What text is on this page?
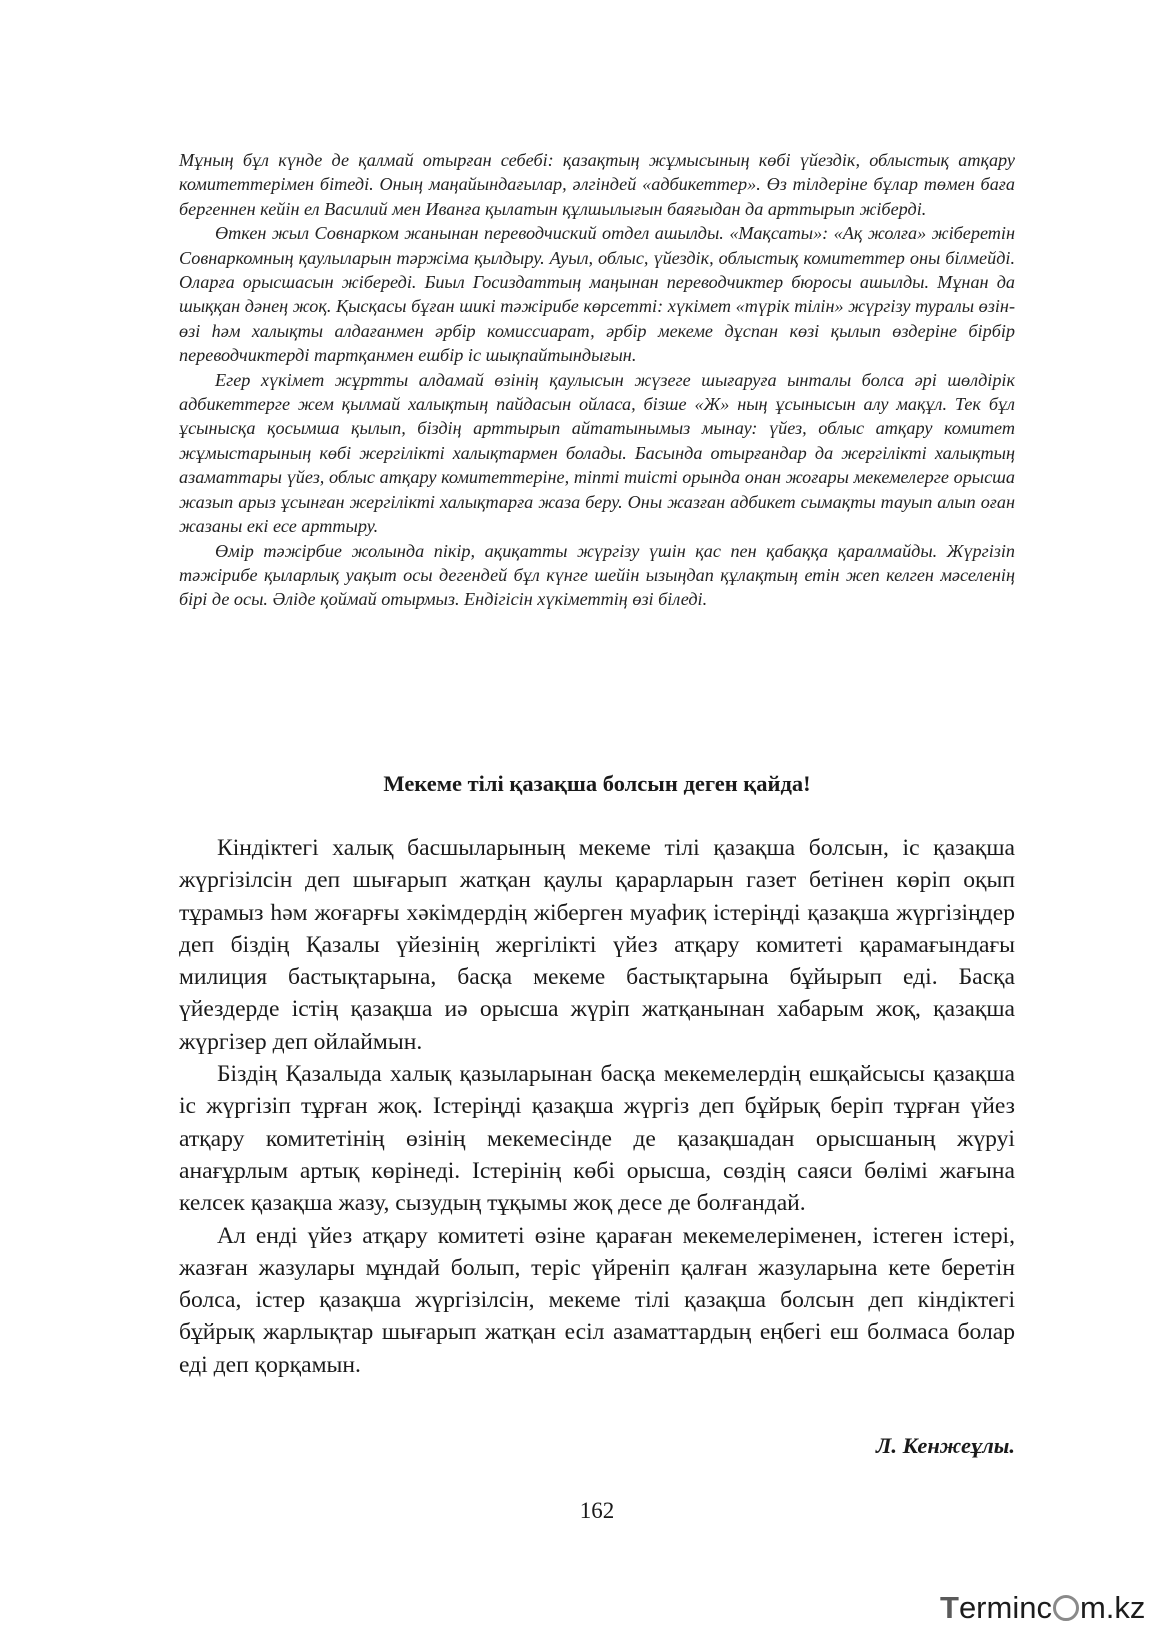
Мұның бұл күнде де қалмай отырған себебі: қазақтың жұмысының көбі үйездік, облыстық атқару комитеттерімен бітеді. Оның маңайындағылар, әлгіндей «адбикеттер». Өз тілдеріне бұлар төмен баға бергеннен кейін ел Василий мен Иванға қылатын құлшылығын баяғыдан да арттырып жіберді.

Өткен жыл Совнарком жанынан переводчиский отдел ашылды. «Мақсаты»: «Ақ жолға» жіберетін Совнаркомның қаулыларын тәржіма қылдыру. Ауыл, облыс, үйездік, облыстық комитеттер оны білмейді. Оларға орысшасын жібереді. Биыл Госиздаттың маңынан переводчиктер бюросы ашылды. Мұнан да шыққан дәнең жоқ. Қысқасы бұған шикі тәжірибе көрсетті: хүкімет «түрік тілін» жүргізу туралы өзін-өзі һәм халықты алдағанмен әрбір комиссиарат, әрбір мекеме дұспан көзі қылып өздеріне бірбір переводчиктерді тартқанмен ешбір іс шықпайтындығын.

Егер хүкімет жұртты алдамай өзінің қаулысын жүзеге шығаруға ынталы болса әрі шөлдірік адбикеттерге жем қылмай халықтың пайдасын ойласа, бізше «Ж» ның ұсынысын алу мақұл. Тек бұл ұсынысқа қосымша қылып, біздің арттырып айтатынымыз мынау: үйез, облыс атқару комитет жұмыстарының көбі жергілікті халықтармен болады. Басында отырғандар да жергілікті халықтың азаматтары үйез, облыс атқару комитеттеріне, тіпті тиісті орында онан жоғары мекемелерге орысша жазып арыз ұсынған жергілікті халықтарға жаза беру. Оны жазған адбикет сымақты тауып алып оған жазаны екі есе арттыру.

Өмір тәжірбие жолында пікір, ақиқатты жүргізу үшін қас пен қабаққа қаралмайды. Жүргізіп тәжірибе қыларлық уақыт осы дегендей бұл күнге шейін ызыңдап құлақтың етін жеп келген мәселенің бірі де осы. Әліде қоймай отырмыз. Ендігісін хүкіметтің өзі біледі.

Мекеме тілі қазақша болсын деген қайда!

Кіндіктегі халық басшыларының мекеме тілі қазақша болсын, іс қазақша жүргізілсін деп шығарып жатқан қаулы қарарларын газет бетінен көріп оқып тұрамыз һәм жоғарғы хәкімдердің жіберген муафиқ істеріңді қазақша жүргізіңдер деп біздің Қазалы үйезінің жергілікті үйез атқару комитеті қарамағындағы милиция бастықтарына, басқа мекеме бастықтарына бұйырып еді. Басқа үйездерде істің қазақша иә орысша жүріп жатқанынан хабарым жоқ, қазақша жүргізер деп ойлаймын.

Біздің Қазалыда халық қазыларынан басқа мекемелердің ешқайсысы қазақша іс жүргізіп тұрған жоқ. Істеріңді қазақша жүргіз деп бұйрық беріп тұрған үйез атқару комитетінің өзінің мекемесінде де қазақшадан орысшаның жүруі анағұрлым артық көрінеді. Істерінің көбі орысша, сөздің саяси бөлімі жағына келсек қазақша жазу, сызудың тұқымы жоқ десе де болғандай.

Ал енді үйез атқару комитеті өзіне қараған мекемелеріменен, істеген істері, жазған жазулары мұндай болып, теріс үйреніп қалған жазуларына кете беретін болса, істер қазақша жүргізілсін, мекеме тілі қазақша болсын деп кіндіктегі бұйрық жарлықтар шығарып жатқан есіл азаматтардың еңбегі еш болмаса болар еді деп қорқамын.

Л. Кенжеұлы.
162
Terminc m.kz
